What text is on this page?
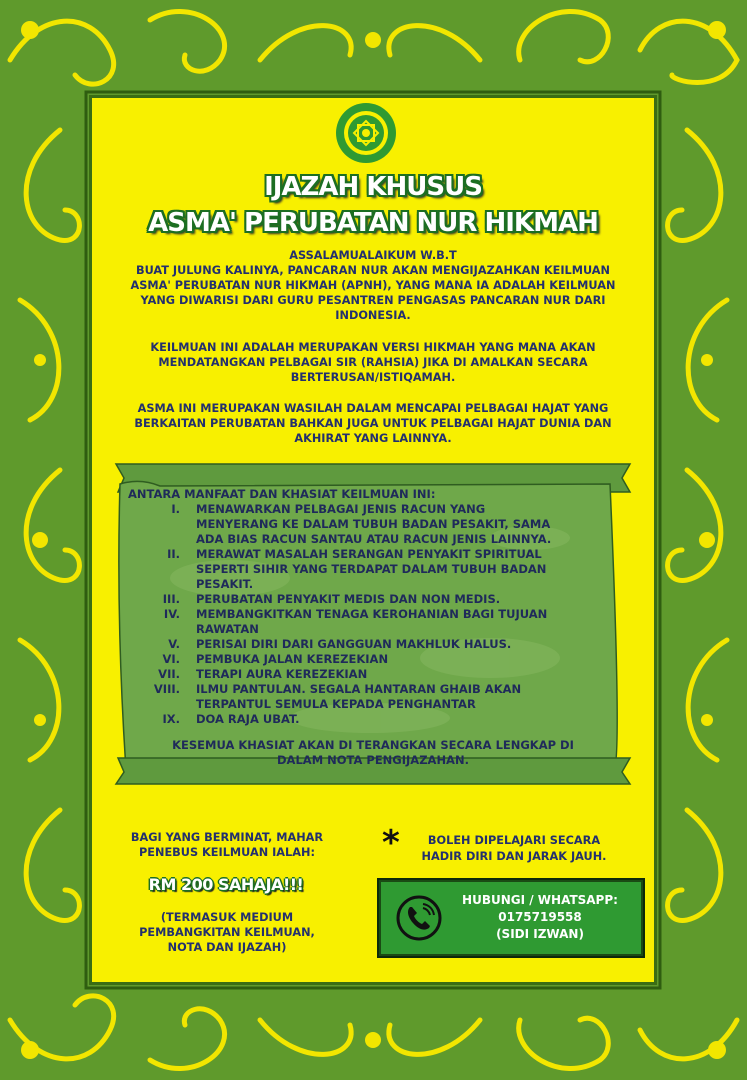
IJAZAH KHUSUS
ASMA' PERUBATAN NUR HIKMAH
ASSALAMUALAIKUM W.B.T
BUAT JULUNG KALINYA, PANCARAN NUR AKAN MENGIJAZAHKAN KEILMUAN
ASMA' PERUBATAN NUR HIKMAH (APNH), YANG MANA IA ADALAH KEILMUAN
YANG DIWARISI DARI GURU PESANTREN PENGASAS PANCARAN NUR DARI
INDONESIA.
KEILMUAN INI ADALAH MERUPAKAN VERSI HIKMAH YANG MANA AKAN
MENDATANGKAN PELBAGAI SIR (RAHSIA) JIKA DI AMALKAN SECARA
BERTERUSAN/ISTIQAMAH.
ASMA INI MERUPAKAN WASILAH DALAM MENCAPAI PELBAGAI HAJAT YANG
BERKAITAN PERUBATAN BAHKAN JUGA UNTUK PELBAGAI HAJAT DUNIA DAN
AKHIRAT YANG LAINNYA.
ANTARA MANFAAT DAN KHASIAT KEILMUAN INI:
I. MENAWARKAN PELBAGAI JENIS RACUN YANG
MENYERANG KE DALAM TUBUH BADAN PESAKIT, SAMA
ADA BIAS RACUN SANTAU ATAU RACUN JENIS LAINNYA.
II. MERAWAT MASALAH SERANGAN PENYAKIT SPIRITUAL
SEPERTI SIHIR YANG TERDAPAT DALAM TUBUH BADAN
PESAKIT.
III. PERUBATAN PENYAKIT MEDIS DAN NON MEDIS.
IV. MEMBANGKITKAN TENAGA KEROHANIAN BAGI TUJUAN
RAWATAN
V. PERISAI DIRI DARI GANGGUAN MAKHLUK HALUS.
VI. PEMBUKA JALAN KEREZEKIAN
VII. TERAPI AURA KEREZEKIAN
VIII. ILMU PANTULAN. SEGALA HANTARAN GHAIB AKAN
TERPANTUL SEMULA KEPADA PENGHANTAR
IX. DOA RAJA UBAT.
KESEMUA KHASIAT AKAN DI TERANGKAN SECARA LENGKAP DI
DALAM NOTA PENGIJAZAHAN.
BAGI YANG BERMINAT, MAHAR
PENEBUS KEILMUAN IALAH:
RM 200 SAHAJA!!!
(TERMASUK MEDIUM
PEMBANGKITAN KEILMUAN,
NOTA DAN IJAZAH)
*	BOLEH DIPELAJARI SECARA
HADIR DIRI DAN JARAK JAUH.
HUBUNGI / WHATSAPP:
0175719558
(SIDI IZWAN)
